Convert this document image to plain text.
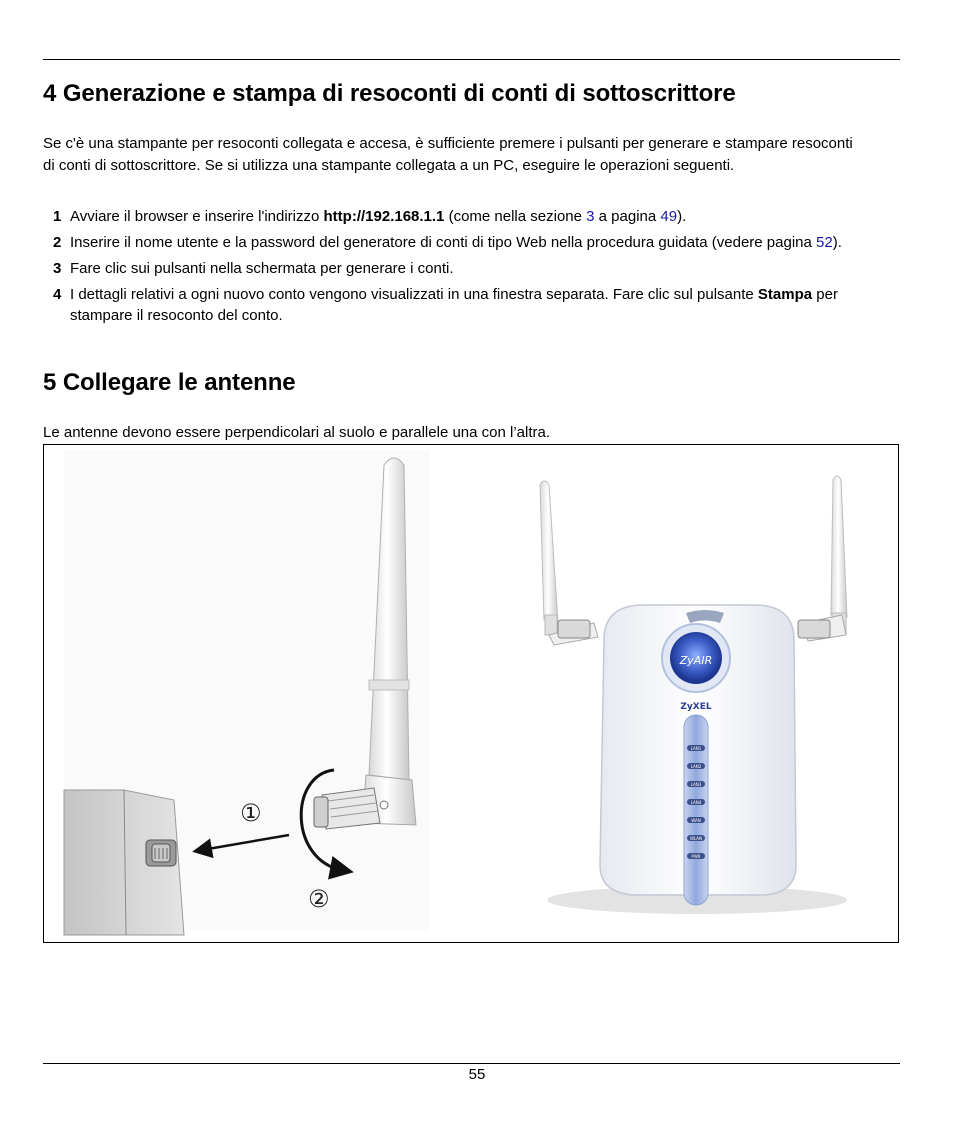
4 Generazione e stampa di resoconti di conti di sottoscrittore

Se c'è una stampante per resoconti collegata e accesa, è sufficiente premere i pulsanti per generare e stampare resoconti di conti di sottoscrittore. Se si utilizza una stampante collegata a un PC, eseguire le operazioni seguenti.

1 Avviare il browser e inserire l'indirizzo http://192.168.1.1 (come nella sezione 3 a pagina 49).
2 Inserire il nome utente e la password del generatore di conti di tipo Web nella procedura guidata (vedere pagina 52).
3 Fare clic sui pulsanti nella schermata per generare i conti.
4 I dettagli relativi a ogni nuovo conto vengono visualizzati in una finestra separata. Fare clic sul pulsante Stampa per stampare il resoconto del conto.
5 Collegare le antenne

Le antenne devono essere perpendicolari al suolo e parallele una con l’altra.

①
②
ZyAIR
ZyXEL
LAN1
LAN2
LAN3
LAN4
WAN
WLAN
PWR
55
